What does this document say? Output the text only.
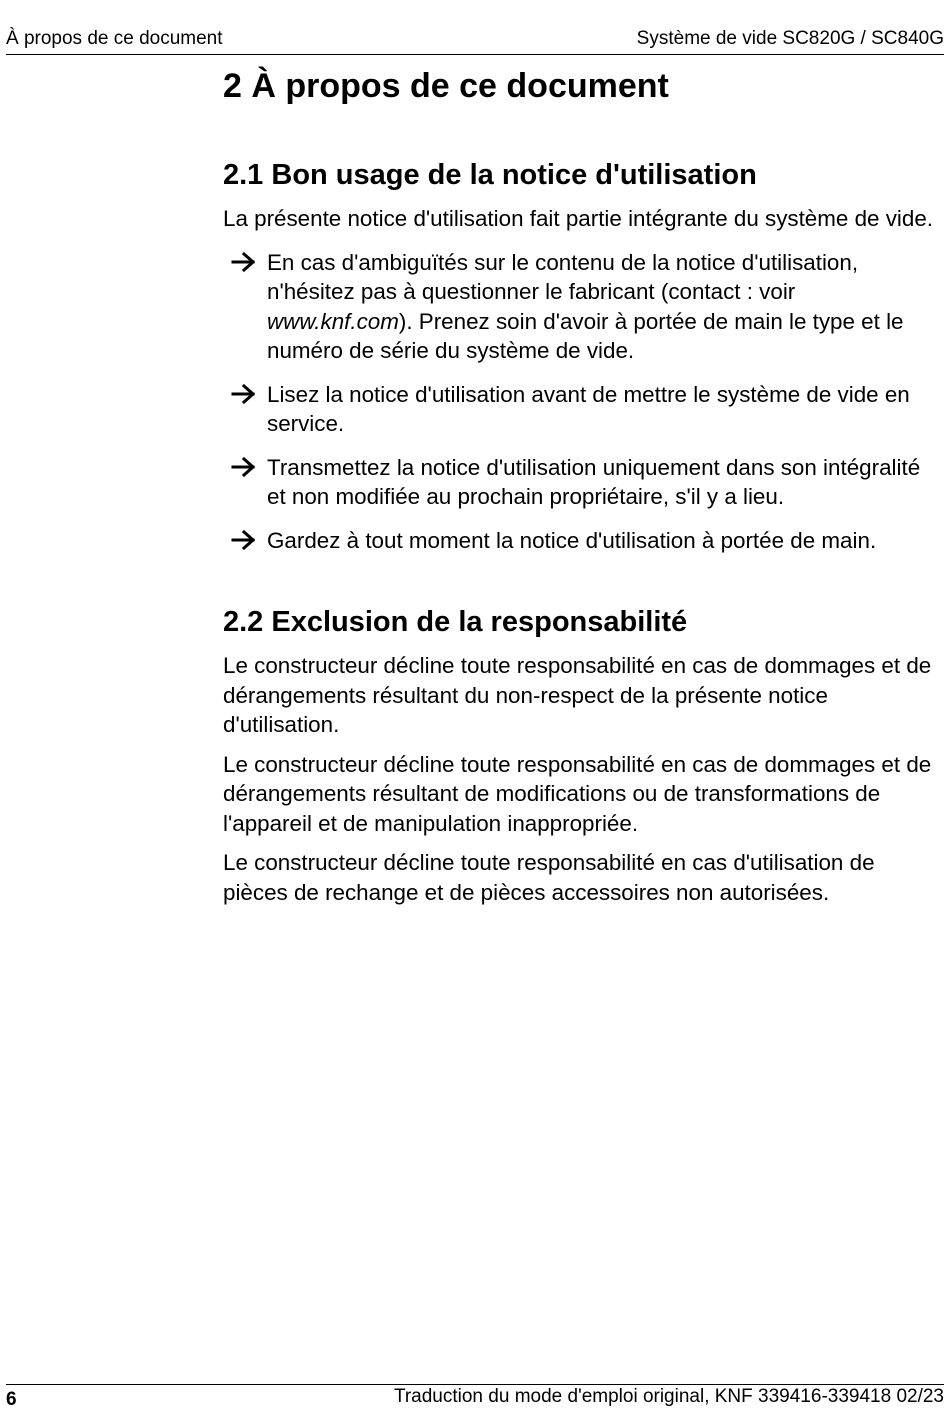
À propos de ce document	Système de vide SC820G / SC840G
2 À propos de ce document
2.1 Bon usage de la notice d'utilisation

La présente notice d'utilisation fait partie intégrante du système de vide.

En cas d'ambiguïtés sur le contenu de la notice d'utilisation, n'hésitez pas à questionner le fabricant (contact : voir www.knf.com). Prenez soin d'avoir à portée de main le type et le numéro de série du système de vide.

Lisez la notice d'utilisation avant de mettre le système de vide en service.

Transmettez la notice d'utilisation uniquement dans son intégralité et non modifiée au prochain propriétaire, s'il y a lieu.

Gardez à tout moment la notice d'utilisation à portée de main.

2.2 Exclusion de la responsabilité

Le constructeur décline toute responsabilité en cas de dommages et de dérangements résultant du non-respect de la présente notice d'utilisation.

Le constructeur décline toute responsabilité en cas de dommages et de dérangements résultant de modifications ou de transformations de l'appareil et de manipulation inappropriée.

Le constructeur décline toute responsabilité en cas d'utilisation de pièces de rechange et de pièces accessoires non autorisées.

6	Traduction du mode d'emploi original, KNF 339416-339418 02/23
